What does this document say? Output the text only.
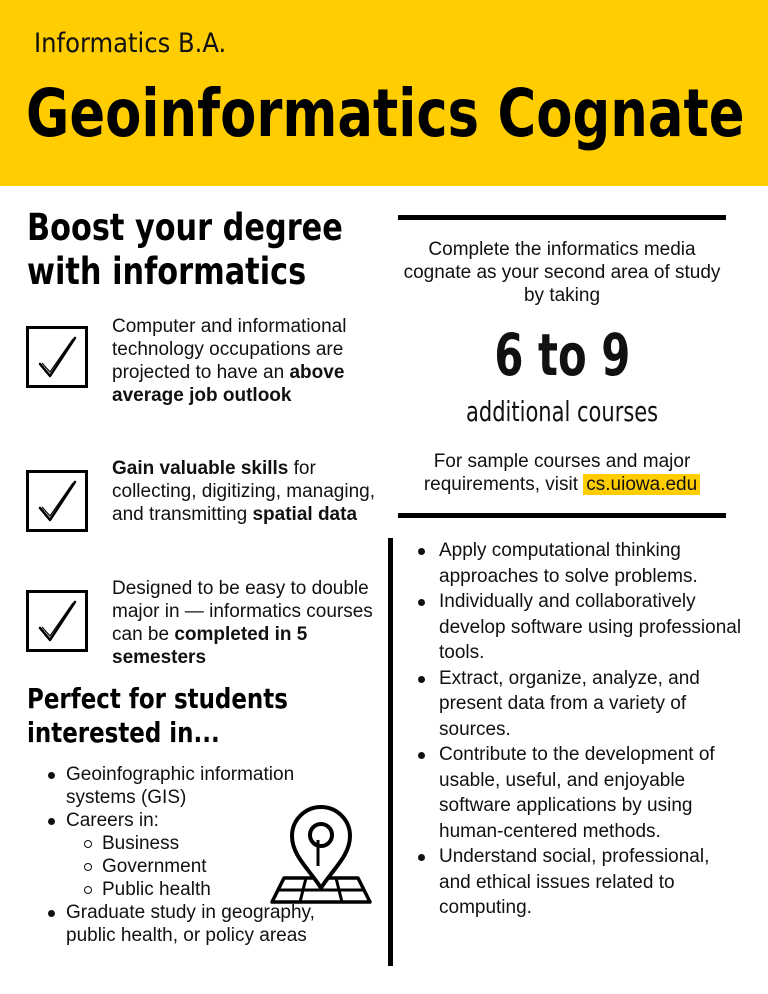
Informatics B.A.
Geoinformatics Cognate
Boost your degree
with informatics
Computer and informational technology occupations are projected to have an above average job outlook
Gain valuable skills for collecting, digitizing, managing, and transmitting spatial data
Designed to be easy to double major in — informatics courses can be completed in 5 semesters
Perfect for students
interested in...
Geoinfographic information systems (GIS)
Careers in:
Business
Government
Public health
Graduate study in geography, public health, or policy areas
Complete the informatics media cognate as your second area of study by taking
6 to 9
additional courses
For sample courses and major requirements, visit cs.uiowa.edu
Apply computational thinking approaches to solve problems.
Individually and collaboratively develop software using professional tools.
Extract, organize, analyze, and present data from a variety of sources.
Contribute to the development of usable, useful, and enjoyable software applications by using human-centered methods.
Understand social, professional, and ethical issues related to computing.
